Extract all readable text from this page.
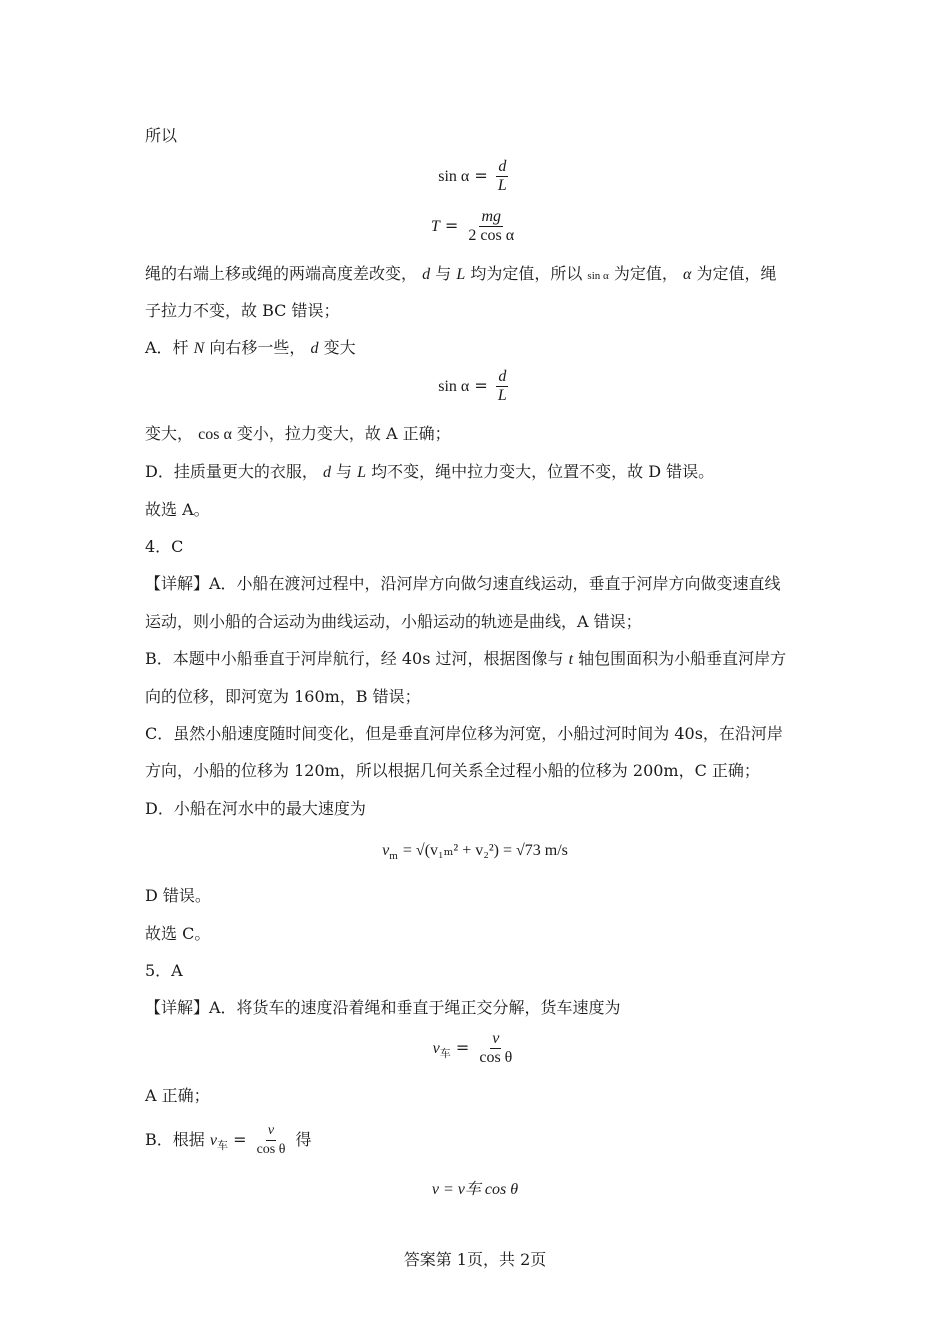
所以
$\sin \alpha = \frac{d}{L}$
$T = \frac{mg}{\text{2 cos α}}$
绳的右端上移或绳的两端高度差改变， d 与 L 均为定值，所以 sin α 为定值， α 为定值，绳
子拉力不变，故 BC 错误；
A．杆 N 向右移一些， d 变大
$\sin \alpha = \frac{d}{L}$
变大， cos α 变小，拉力变大，故 A 正确；
D．挂质量更大的衣服， d 与 L 均不变，绳中拉力变大，位置不变，故 D 错误。
故选 A。
4．C
【详解】A．小船在渡河过程中，沿河岸方向做匀速直线运动，垂直于河岸方向做变速直线
运动，则小船的合运动为曲线运动，小船运动的轨迹是曲线，A 错误；
B．本题中小船垂直于河岸航行，经 40s 过河，根据图像与 t 轴包围面积为小船垂直河岸方
向的位移，即河宽为 160m，B 错误；
C．虽然小船速度随时间变化，但是垂直河岸位移为河宽，小船过河时间为 40s，在沿河岸
方向，小船的位移为 120m，所以根据几何关系全过程小船的位移为 200m，C 正确；
D．小船在河水中的最大速度为
$v_m = √(v_{1m}^2 + v_2^2) = √73$ m/s
D 错误。
故选 C。
5．A
【详解】A．将货车的速度沿着绳和垂直于绳正交分解，货车速度为
$v_车 = \frac{v}{\text{cos θ}}$
A 正确；
B．根据 $v_车 = \frac{v}{\text{cos θ}}$ 得
v = v车 cos θ
答案第 1页，共 2页
